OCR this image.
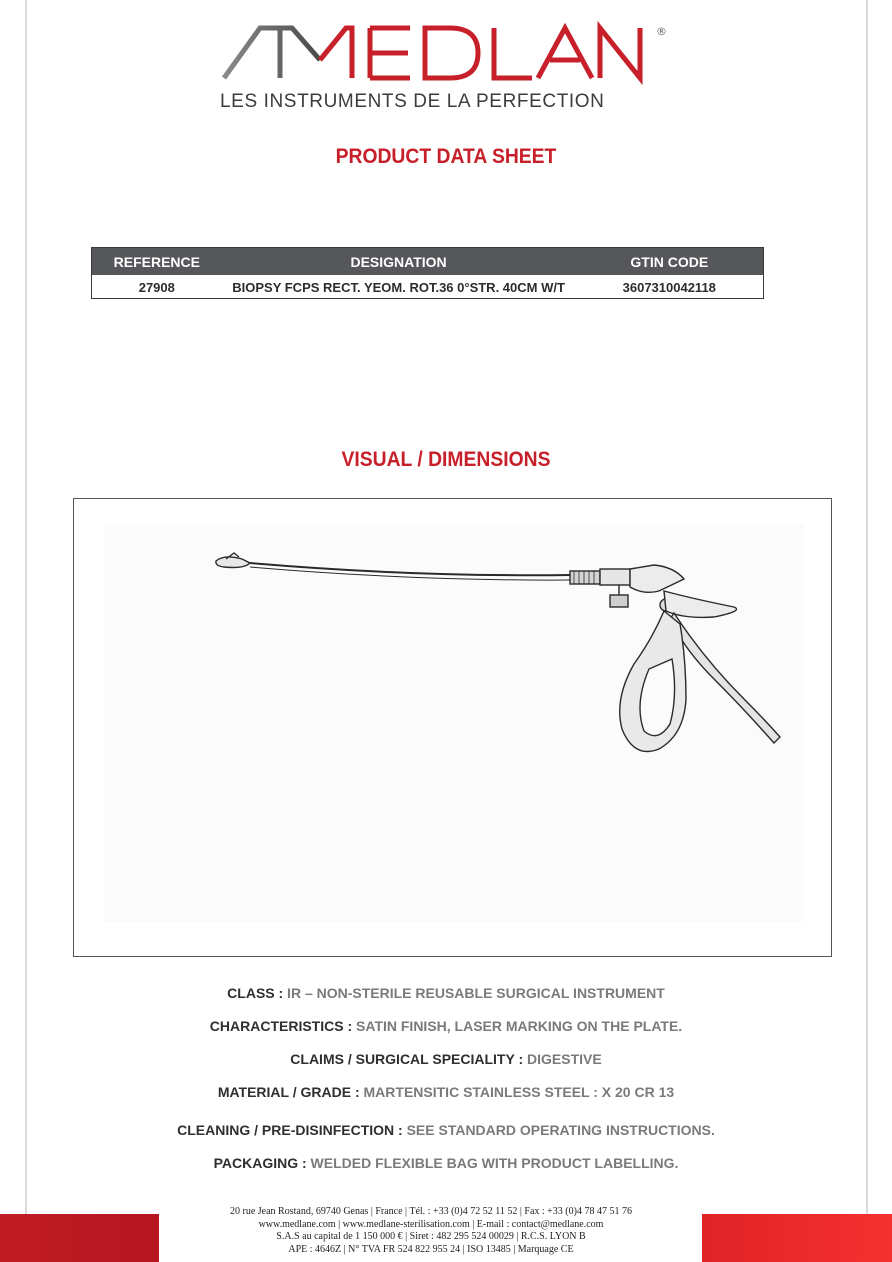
®
LES INSTRUMENTS DE LA PERFECTION
PRODUCT DATA SHEET
REFERENCE	DESIGNATION	GTIN CODE
27908	BIOPSY FCPS RECT. YEOM. ROT.36 0°STR. 40CM W/T	3607310042118
VISUAL / DIMENSIONS
CLASS : IR – NON-STERILE REUSABLE SURGICAL INSTRUMENT
CHARACTERISTICS : SATIN FINISH, LASER MARKING ON THE PLATE.
CLAIMS / SURGICAL SPECIALITY : DIGESTIVE
MATERIAL / GRADE : MARTENSITIC STAINLESS STEEL : X 20 CR 13
CLEANING / PRE-DISINFECTION : SEE STANDARD OPERATING INSTRUCTIONS.
PACKAGING : WELDED FLEXIBLE BAG WITH PRODUCT LABELLING.
20 rue Jean Rostand, 69740 Genas | France | Tél. : +33 (0)4 72 52 11 52 | Fax : +33 (0)4 78 47 51 76
www.medlane.com | www.medlane-sterilisation.com | E-mail : contact@medlane.com
S.A.S au capital de 1 150 000 € | Siret : 482 295 524 00029 | R.C.S. LYON B
APE : 4646Z | N° TVA FR 524 822 955 24 | ISO 13485 | Marquage CE
